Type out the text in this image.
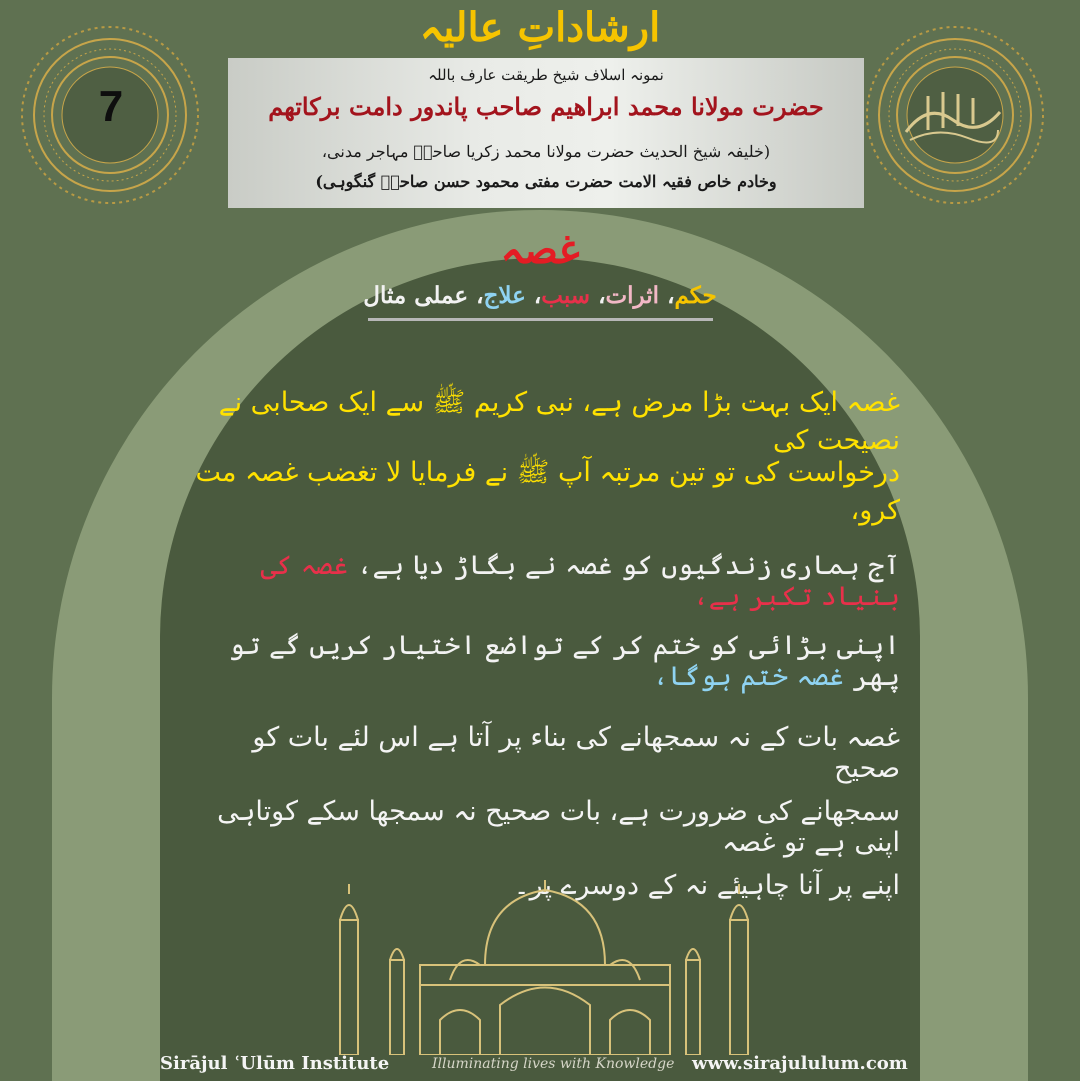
ارشاداتِ عالیہ
7
نمونہ اسلاف شیخ طریقت عارف باللہ
حضرت مولانا محمد ابراھیم صاحب پاندور دامت برکاتھم
(خلیفہ شیخ الحدیث حضرت مولانا محمد زکریا صاحبؒ مہاجر مدنی،
وخادم خاص فقیہ الامت حضرت مفتی محمود حسن صاحبؒ گنگوہی)
غصہ
حکم، اثرات، سبب، علاج، عملی مثال
غصہ ایک بہت بڑا مرض ہے، نبی کریم ﷺ سے ایک صحابی نے نصیحت کی
درخواست کی تو تین مرتبہ آپ ﷺ نے فرمایا لا تغضب غصہ مت کرو،
آج ہماری زندگیوں کو غصہ نے بگاڑ دیا ہے، غصہ کی بنیاد تکبر ہے،
اپنی بڑائی کو ختم کر کے تواضع اختیار کریں گے تو پھر غصہ ختم ہوگا،
غصہ بات کے نہ سمجھانے کی بناء پر آتا ہے اس لئے بات کو صحیح
سمجھانے کی ضرورت ہے، بات صحیح نہ سمجھا سکے کوتاہی اپنی ہے تو غصہ
اپنے پر آنا چاہیئے نہ کے دوسرے پر۔
Sirājul ʿUlūm Institute	Illuminating lives with Knowledge www.sirajululum.com
